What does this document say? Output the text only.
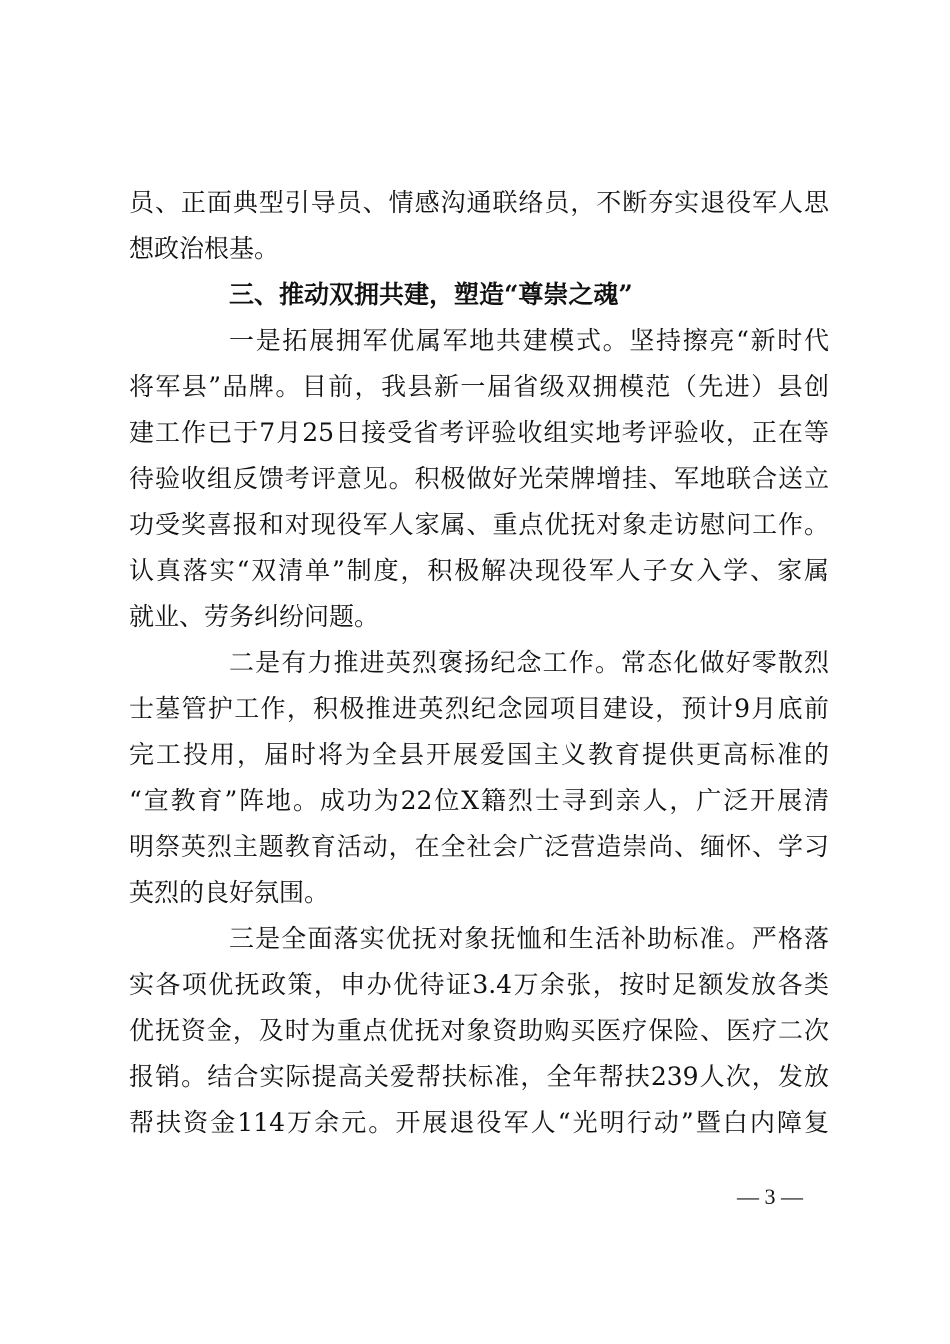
员、正面典型引导员、情感沟通联络员，不断夯实退役军人思
想政治根基。
三、推动双拥共建，塑造“尊崇之魂”
一是拓展拥军优属军地共建模式。坚持擦亮“新时代
将军县”品牌。目前，我县新一届省级双拥模范（先进）县创
建工作已于7月25日接受省考评验收组实地考评验收，正在等
待验收组反馈考评意见。积极做好光荣牌增挂、军地联合送立
功受奖喜报和对现役军人家属、重点优抚对象走访慰问工作。
认真落实“双清单”制度，积极解决现役军人子女入学、家属
就业、劳务纠纷问题。
二是有力推进英烈褒扬纪念工作。常态化做好零散烈
士墓管护工作，积极推进英烈纪念园项目建设，预计9月底前
完工投用，届时将为全县开展爱国主义教育提供更高标准的
“宣教育”阵地。成功为22位X籍烈士寻到亲人，广泛开展清
明祭英烈主题教育活动，在全社会广泛营造崇尚、缅怀、学习
英烈的良好氛围。
三是全面落实优抚对象抚恤和生活补助标准。严格落
实各项优抚政策，申办优待证3.4万余张，按时足额发放各类
优抚资金，及时为重点优抚对象资助购买医疗保险、医疗二次
报销。结合实际提高关爱帮扶标准，全年帮扶239人次，发放
帮扶资金114万余元。开展退役军人“光明行动”暨白内障复
— 3 —
